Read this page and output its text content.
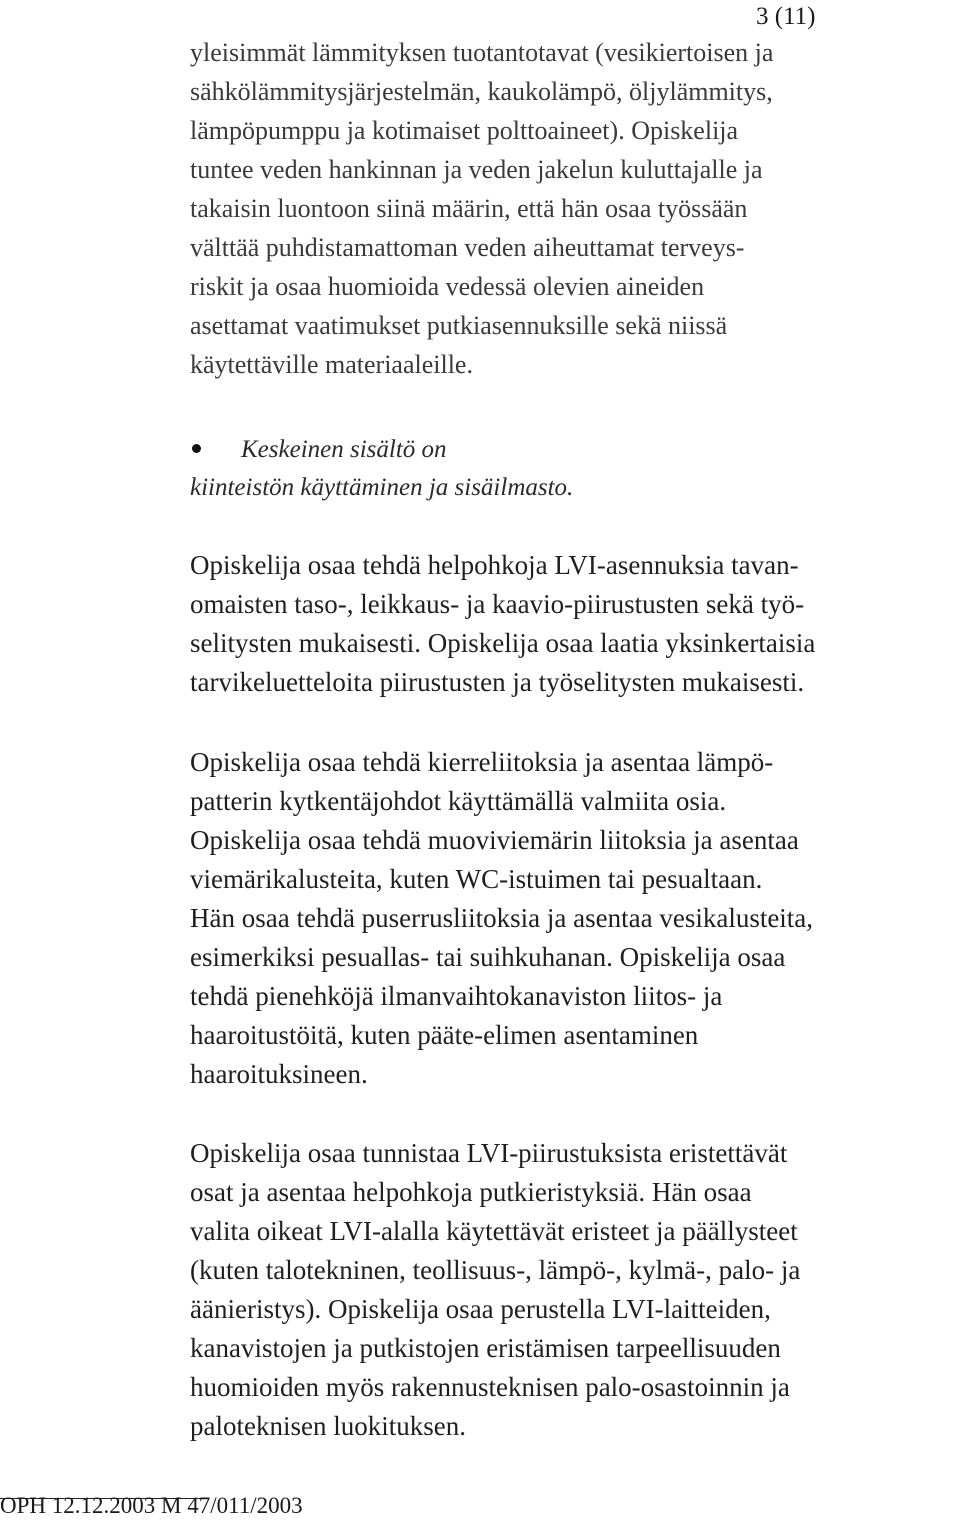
3 (11)
yleisimmät lämmityksen tuotantotavat (vesikiertoisen ja
sähkölämmitysjärjestelmän, kaukolämpö, öljylämmitys,
lämpöpumppu ja kotimaiset polttoaineet). Opiskelija
tuntee veden hankinnan ja veden jakelun kuluttajalle ja
takaisin luontoon siinä määrin, että hän osaa työssään
välttää puhdistamattoman veden aiheuttamat terveys-
riskit ja osaa huomioida vedessä olevien aineiden
asettamat vaatimukset putkiasennuksille sekä niissä
käytettäville materiaaleille.
Keskeinen sisältö on
kiinteistön käyttäminen ja sisäilmasto.
Opiskelija osaa tehdä helpohkoja LVI-asennuksia tavan-
omaisten taso-, leikkaus- ja kaavio-piirustusten sekä työ-
selitysten mukaisesti. Opiskelija osaa laatia yksinkertaisia
tarvikeluetteloita piirustusten ja työselitysten mukaisesti.
Opiskelija osaa tehdä kierreliitoksia ja asentaa lämpö-
patterin kytkentäjohdot käyttämällä valmiita osia.
Opiskelija osaa tehdä muoviviemärin liitoksia ja asentaa
viemärikalusteita, kuten WC-istuimen tai pesualtaan.
Hän osaa tehdä puserrusliitoksia ja asentaa vesikalusteita,
esimerkiksi pesuallas- tai suihkuhanan. Opiskelija osaa
tehdä pienehköjä ilmanvaihtokanaviston liitos- ja
haaroitustöitä, kuten pääte-elimen asentaminen
haaroituksineen.
Opiskelija osaa tunnistaa LVI-piirustuksista eristettävät
osat ja asentaa helpohkoja putkieristyksiä. Hän osaa
valita oikeat LVI-alalla käytettävät eristeet ja päällysteet
(kuten talotekninen, teollisuus-, lämpö-, kylmä-, palo- ja
äänieristys). Opiskelija osaa perustella LVI-laitteiden,
kanavistojen ja putkistojen eristämisen tarpeellisuuden
huomioiden myös rakennusteknisen palo-osastoinnin ja
paloteknisen luokituksen.
OPH 12.12.2003 M 47/011/2003
